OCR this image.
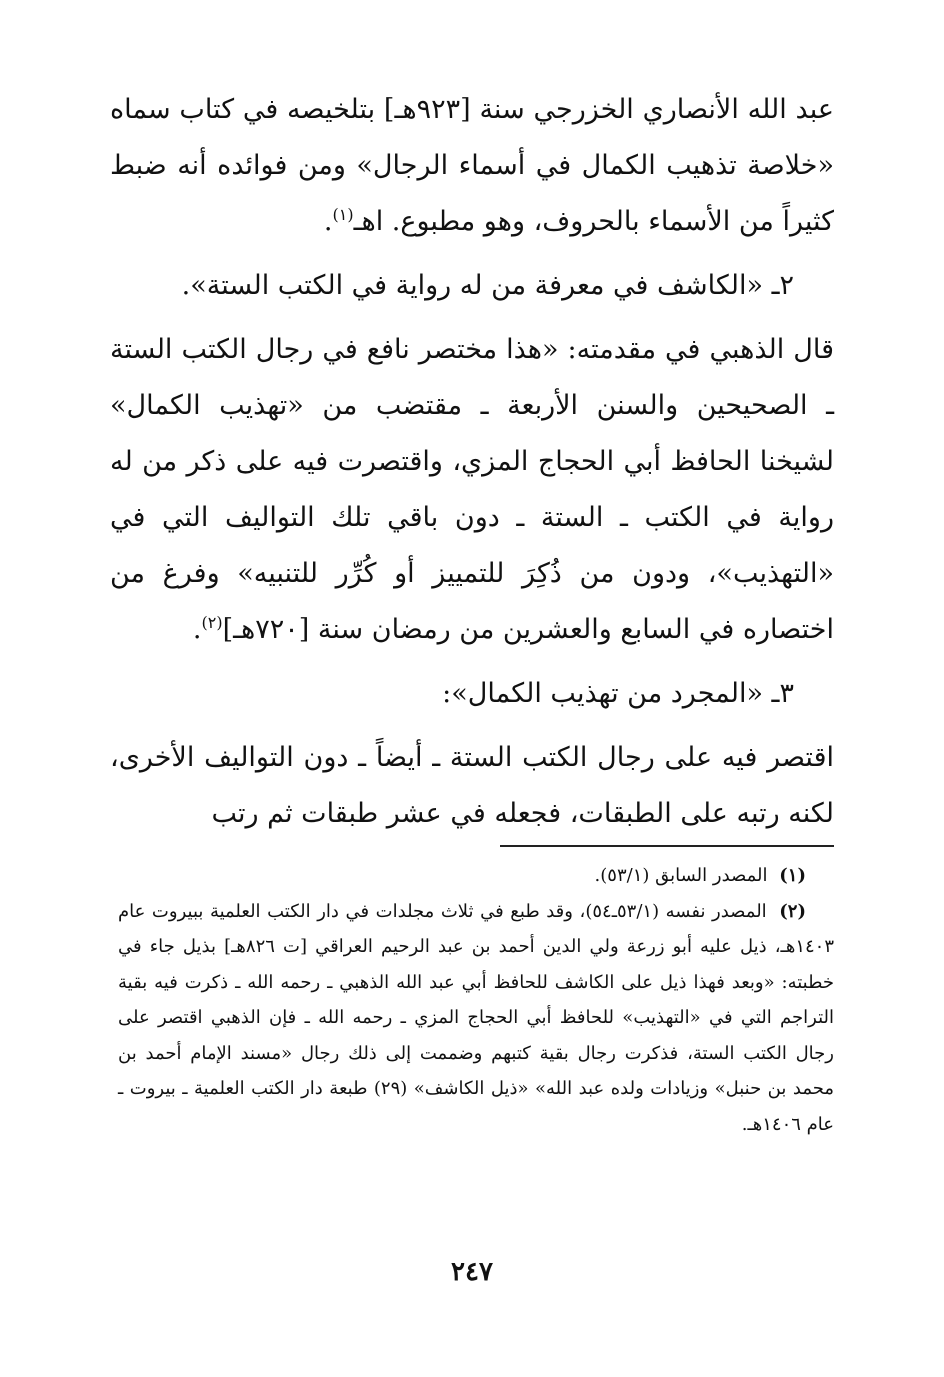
عبد الله الأنصاري الخزرجي سنة [٩٢٣هـ] بتلخيصه في كتاب سماه «خلاصة تذهيب الكمال في أسماء الرجال» ومن فوائده أنه ضبط كثيراً من الأسماء بالحروف، وهو مطبوع. اهـ$^{(١)}$.

٢ـ «الكاشف في معرفة من له رواية في الكتب الستة».

قال الذهبي في مقدمته: «هذا مختصر نافع في رجال الكتب الستة ـ الصحيحين والسنن الأربعة ـ مقتضب من «تهذيب الكمال» لشيخنا الحافظ أبي الحجاج المزي، واقتصرت فيه على ذكر من له رواية في الكتب ـ الستة ـ دون باقي تلك التواليف التي في «التهذيب»، ودون من ذُكِرَ للتمييز أو كُرِّر للتنبيه» وفرغ من اختصاره في السابع والعشرين من رمضان سنة [٧٢٠هـ]$^{(٢)}$.

٣ـ «المجرد من تهذيب الكمال»:

اقتصر فيه على رجال الكتب الستة ـ أيضاً ـ دون التواليف الأخرى، لكنه رتبه على الطبقات، فجعله في عشر طبقات ثم رتب

(١) المصدر السابق (٥٣/١).

(٢) المصدر نفسه (٥٣/١ـ٥٤)، وقد طبع في ثلاث مجلدات في دار الكتب العلمية ببيروت عام ١٤٠٣هـ، ذيل عليه أبو زرعة ولي الدين أحمد بن عبد الرحيم العراقي [ت ٨٢٦هـ] بذيل جاء في خطبته: «وبعد فهذا ذيل على الكاشف للحافظ أبي عبد الله الذهبي ـ رحمه الله ـ ذكرت فيه بقية التراجم التي في «التهذيب» للحافظ أبي الحجاج المزي ـ رحمه الله ـ فإن الذهبي اقتصر على رجال الكتب الستة، فذكرت رجال بقية كتبهم وضممت إلى ذلك رجال «مسند الإمام أحمد بن محمد بن حنبل» وزيادات ولده عبد الله» «ذيل الكاشف» (٢٩) طبعة دار الكتب العلمية ـ بيروت ـ عام ١٤٠٦هـ.

٢٤٧
